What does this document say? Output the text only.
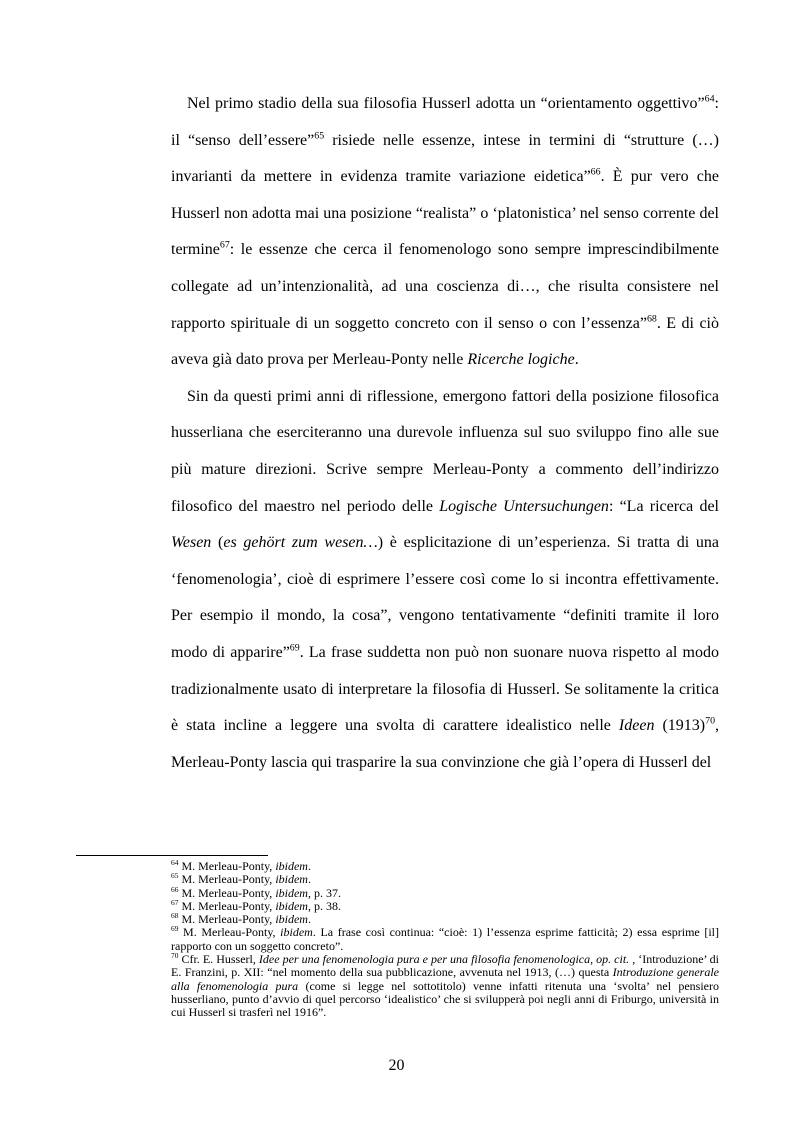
Nel primo stadio della sua filosofia Husserl adotta un “orientamento oggettivo”$^{64}$: il “senso dell’essere”$^{65}$ risiede nelle essenze, intese in termini di “strutture (…) invarianti da mettere in evidenza tramite variazione eidetica”$^{66}$. È pur vero che Husserl non adotta mai una posizione “realista” o ‘platonistica’ nel senso corrente del termine$^{67}$: le essenze che cerca il fenomenologo sono sempre imprescindibilmente collegate ad un’intenzionalità, ad una coscienza di…, che risulta consistere nel rapporto spirituale di un soggetto concreto con il senso o con l’essenza”$^{68}$. E di ciò aveva già dato prova per Merleau-Ponty nelle Ricerche logiche.

Sin da questi primi anni di riflessione, emergono fattori della posizione filosofica husserliana che eserciteranno una durevole influenza sul suo sviluppo fino alle sue più mature direzioni. Scrive sempre Merleau-Ponty a commento dell’indirizzo filosofico del maestro nel periodo delle Logische Untersuchungen: “La ricerca del Wesen (es gehört zum wesen…) è esplicitazione di un’esperienza. Si tratta di una ‘fenomenologia’, cioè di esprimere l’essere così come lo si incontra effettivamente. Per esempio il mondo, la cosa”, vengono tentativamente “definiti tramite il loro modo di apparire”$^{69}$. La frase suddetta non può non suonare nuova rispetto al modo tradizionalmente usato di interpretare la filosofia di Husserl. Se solitamente la critica è stata incline a leggere una svolta di carattere idealistico nelle Ideen $(1913)^{70}$, Merleau-Ponty lascia qui trasparire la sua convinzione che già l’opera di Husserl del

$^{64}$ M. Merleau-Ponty, ibidem.
$^{65}$ M. Merleau-Ponty, ibidem.
$^{66}$ M. Merleau-Ponty, ibidem, p. 37.
$^{67}$ M. Merleau-Ponty, ibidem, p. 38.
$^{68}$ M. Merleau-Ponty, ibidem.
$^{69}$ M. Merleau-Ponty, ibidem. La frase così continua: “cioè: 1) l’essenza esprime fatticità; 2) essa esprime [il] rapporto con un soggetto concreto”.
$^{70}$ Cfr. E. Husserl, Idee per una fenomenologia pura e per una filosofia fenomenologica, op. cit. , ‘Introduzione’ di E. Franzini, p. XII: “nel momento della sua pubblicazione, avvenuta nel 1913, (…) questa Introduzione generale alla fenomenologia pura (come si legge nel sottotitolo) venne infatti ritenuta una ‘svolta’ nel pensiero husserliano, punto d’avvio di quel percorso ‘idealistico’ che si svilupperà poi negli anni di Friburgo, università in cui Husserl si trasferì nel 1916”.
20
